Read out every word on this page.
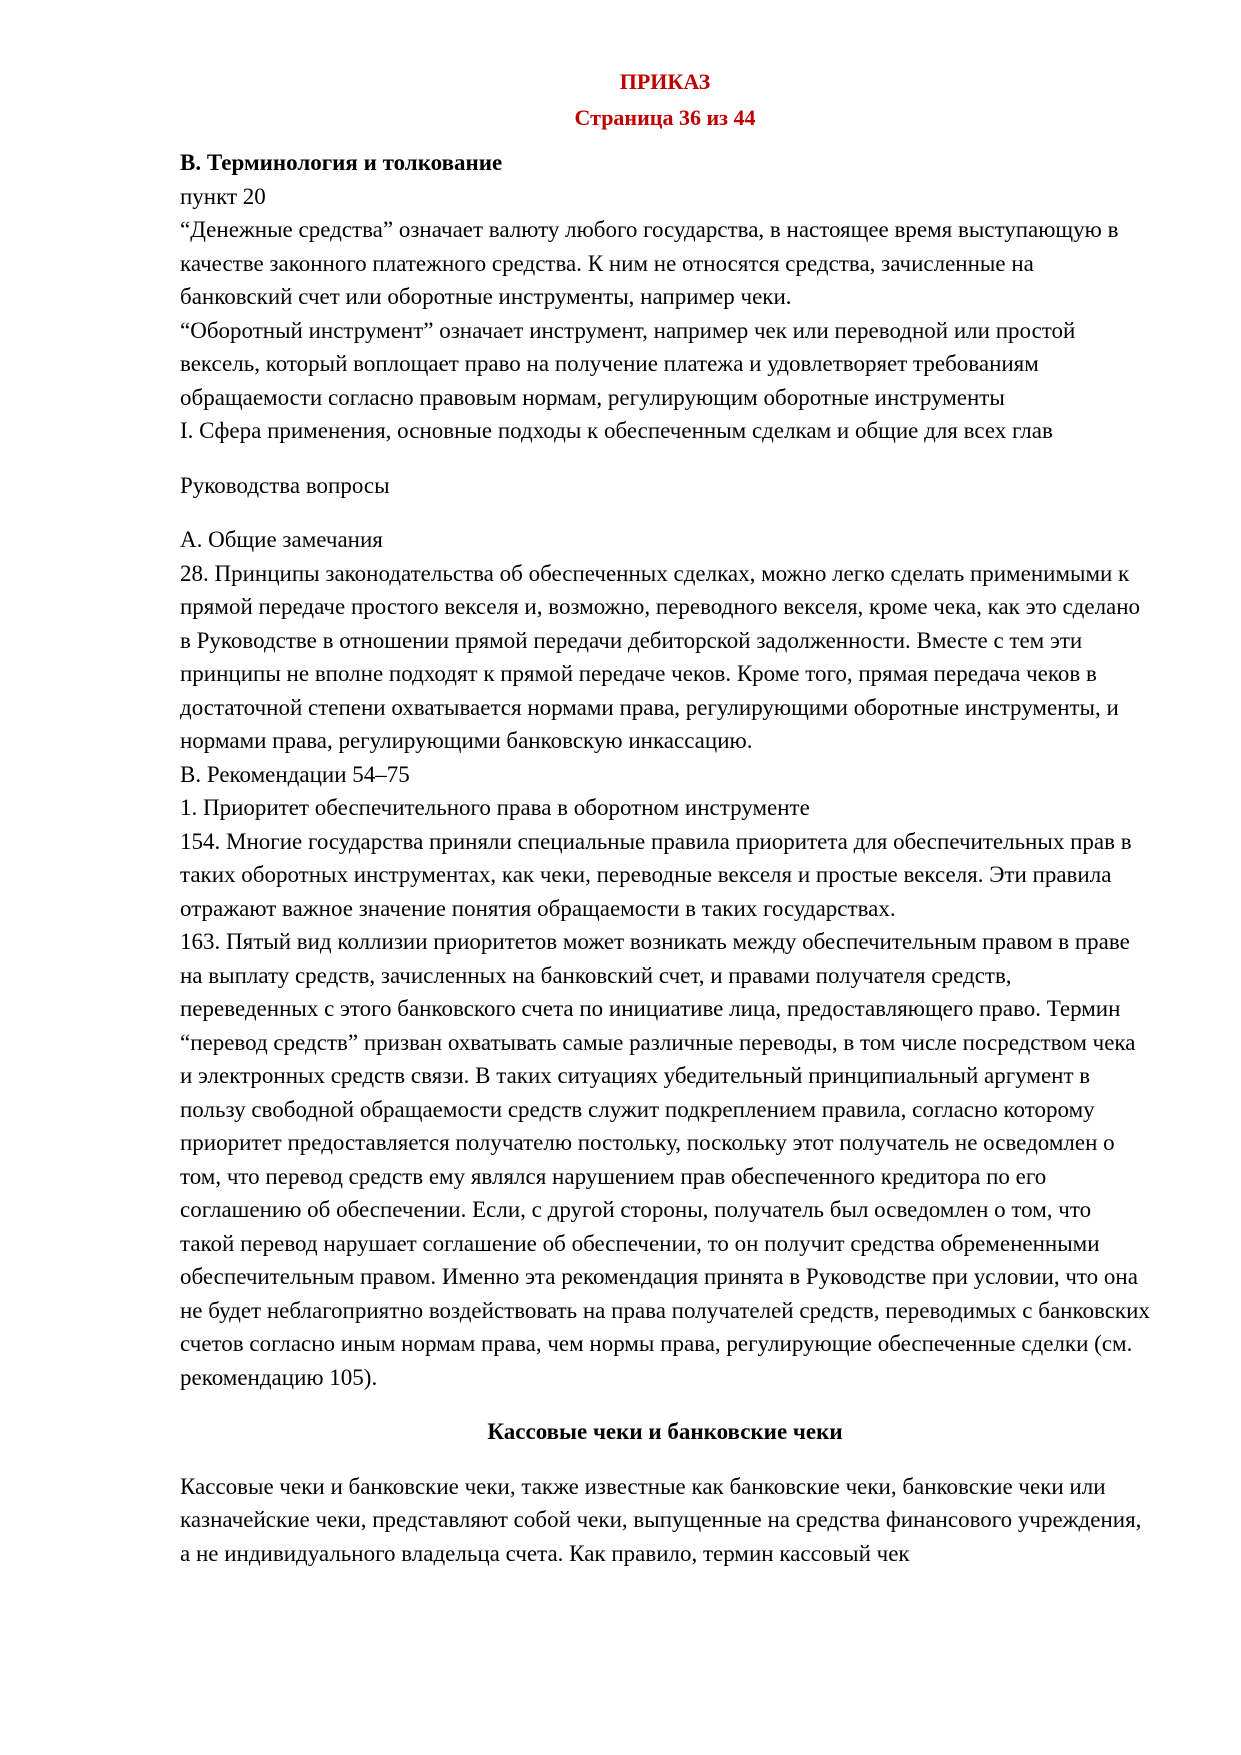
ПРИКАЗ
Страница 36 из 44

В. Терминология и толкование

пункт 20

“Денежные средства” означает валюту любого государства, в настоящее время выступающую в качестве законного платежного средства. К ним не относятся средства, зачисленные на банковский счет или оборотные инструменты, например чеки.

“Оборотный инструмент” означает инструмент, например чек или переводной или простой вексель, который воплощает право на получение платежа и удовлетворяет требованиям обращаемости согласно правовым нормам, регулирующим оборотные инструменты

I. Сфера применения, основные подходы к обеспеченным сделкам и общие для всех глав

Руководства вопросы

А. Общие замечания

28. Принципы законодательства об обеспеченных сделках, можно легко сделать применимыми к прямой передаче простого векселя и, возможно, переводного векселя, кроме чека, как это сделано в Руководстве в отношении прямой передачи дебиторской задолженности. Вместе с тем эти принципы не вполне подходят к прямой передаче чеков. Кроме того, прямая передача чеков в достаточной степени охватывается нормами права, регулирующими оборотные инструменты, и нормами права, регулирующими банковскую инкассацию.

В. Рекомендации 54–75

1. Приоритет обеспечительного права в оборотном инструменте

154. Многие государства приняли специальные правила приоритета для обеспечительных прав в таких оборотных инструментах, как чеки, переводные векселя и простые векселя. Эти правила отражают важное значение понятия обращаемости в таких государствах.

163. Пятый вид коллизии приоритетов может возникать между обеспечительным правом в праве на выплату средств, зачисленных на банковский счет, и правами получателя средств, переведенных с этого банковского счета по инициативе лица, предоставляющего право. Термин “перевод средств” призван охватывать самые различные переводы, в том числе посредством чека и электронных средств связи. В таких ситуациях убедительный принципиальный аргумент в пользу свободной обращаемости средств служит подкреплением правила, согласно которому приоритет предоставляется получателю постольку, поскольку этот получатель не осведомлен о том, что перевод средств ему являлся нарушением прав обеспеченного кредитора по его соглашению об обеспечении. Если, с другой стороны, получатель был осведомлен о том, что такой перевод нарушает соглашение об обеспечении, то он получит средства обремененными обеспечительным правом. Именно эта рекомендация принята в Руководстве при условии, что она не будет неблагоприятно воздействовать на права получателей средств, переводимых с банковских счетов согласно иным нормам права, чем нормы права, регулирующие обеспеченные сделки (см. рекомендацию 105).

Кассовые чеки и банковские чеки

Кассовые чеки и банковские чеки, также известные как банковские чеки, банковские чеки или казначейские чеки, представляют собой чеки, выпущенные на средства финансового учреждения, а не индивидуального владельца счета. Как правило, термин кассовый чек
